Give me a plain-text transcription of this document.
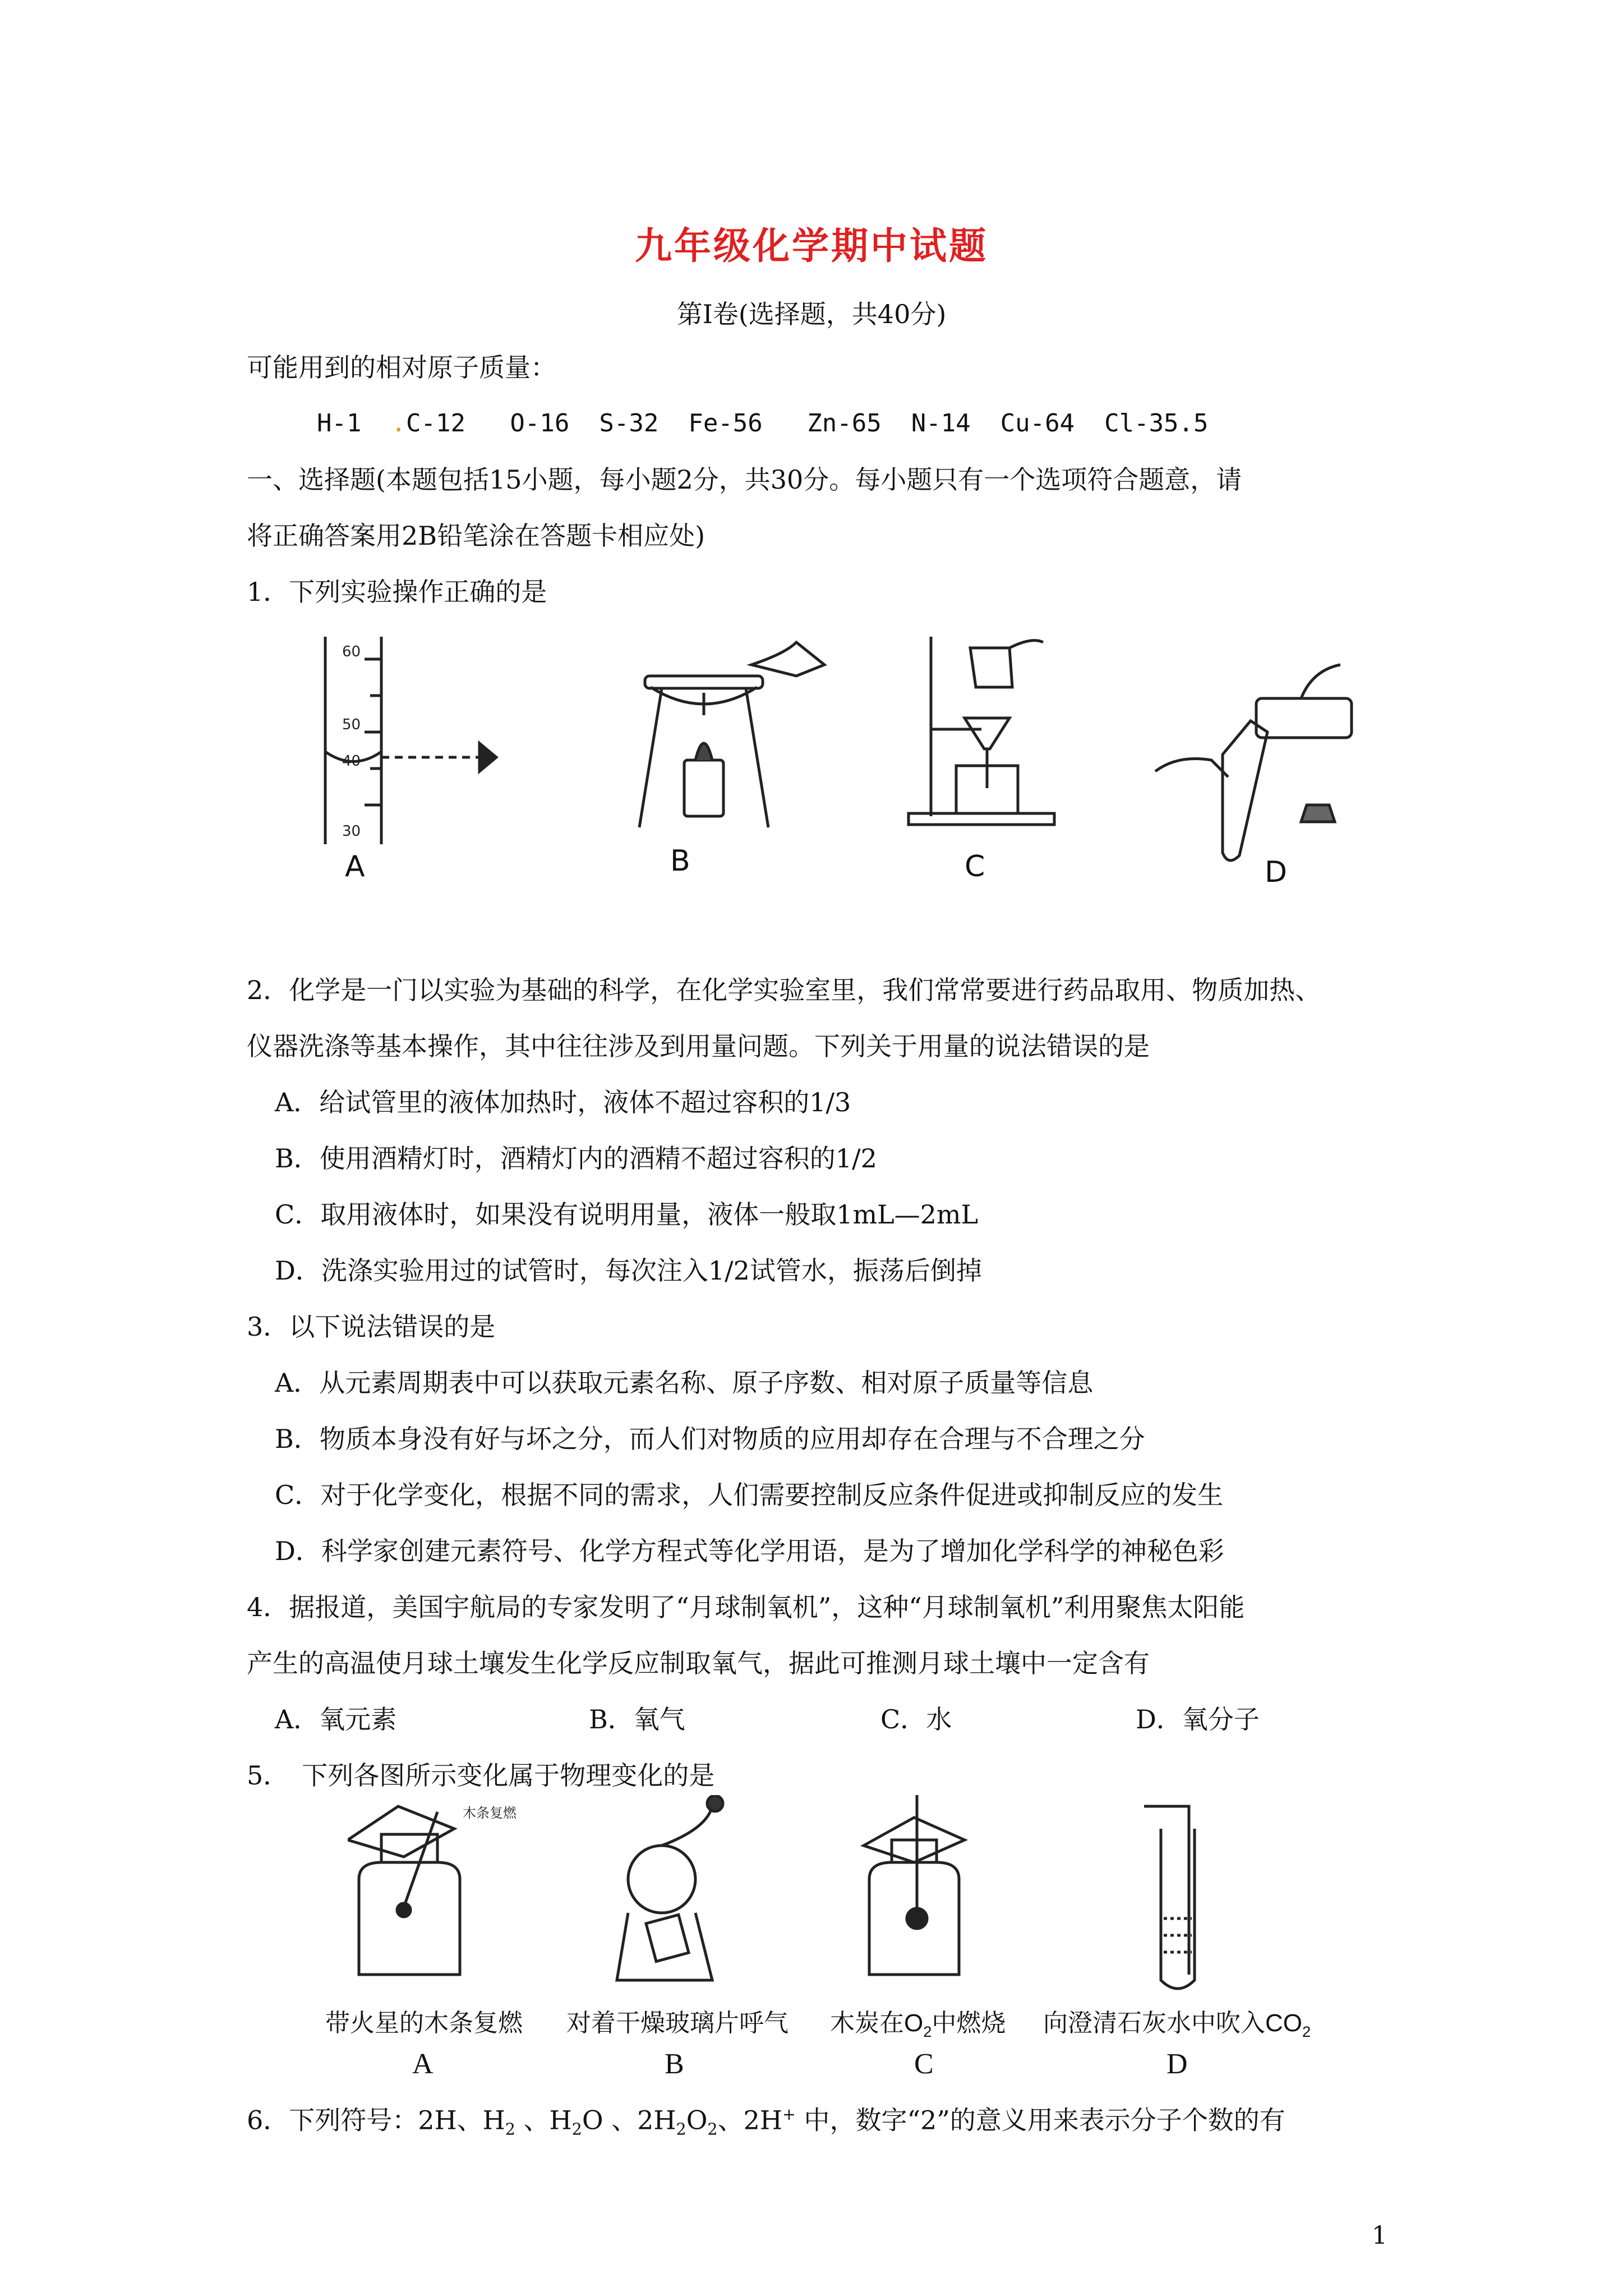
九年级化学期中试题
第Ⅰ卷(选择题，共40分)
可能用到的相对原子质量：
H-1  .C-12 O-16 S-32 Fe-56 Zn-65 N-14 Cu-64 Cl-35.5
一、选择题(本题包括15小题，每小题2分，共30分。每小题只有一个选项符合题意，请
将正确答案用2B铅笔涂在答题卡相应处)
1．下列实验操作正确的是
60
50
40
30
A	B	C	D
2．化学是一门以实验为基础的科学，在化学实验室里，我们常常要进行药品取用、物质加热、
仪器洗涤等基本操作，其中往往涉及到用量问题。下列关于用量的说法错误的是
A．给试管里的液体加热时，液体不超过容积的1/3
B．使用酒精灯时，酒精灯内的酒精不超过容积的1/2
C．取用液体时，如果没有说明用量，液体一般取1mL—2mL
D．洗涤实验用过的试管时，每次注入1/2试管水，振荡后倒掉
3．以下说法错误的是
A．从元素周期表中可以获取元素名称、原子序数、相对原子质量等信息
B．物质本身没有好与坏之分，而人们对物质的应用却存在合理与不合理之分
C．对于化学变化，根据不同的需求，人们需要控制反应条件促进或抑制反应的发生
D．科学家创建元素符号、化学方程式等化学用语，是为了增加化学科学的神秘色彩
4．据报道，美国宇航局的专家发明了“月球制氧机”，这种“月球制氧机”利用聚焦太阳能
产生的高温使月球土壤发生化学反应制取氧气，据此可推测月球土壤中一定含有
A．氧元素	B．氧气	C．水	D．氧分子
5．　下列各图所示变化属于物理变化的是
木条复燃
带火星的木条复燃 对着干燥玻璃片呼气 木炭在$O_2$中燃烧 向澄清石灰水中吹入$CO_2$
A	B	C	D
6．下列符号：2H、$H_2$ 、$H_2O$ 、$2H_2O_2$、2H+ 中，数字“2”的意义用来表示分子个数的有
1
